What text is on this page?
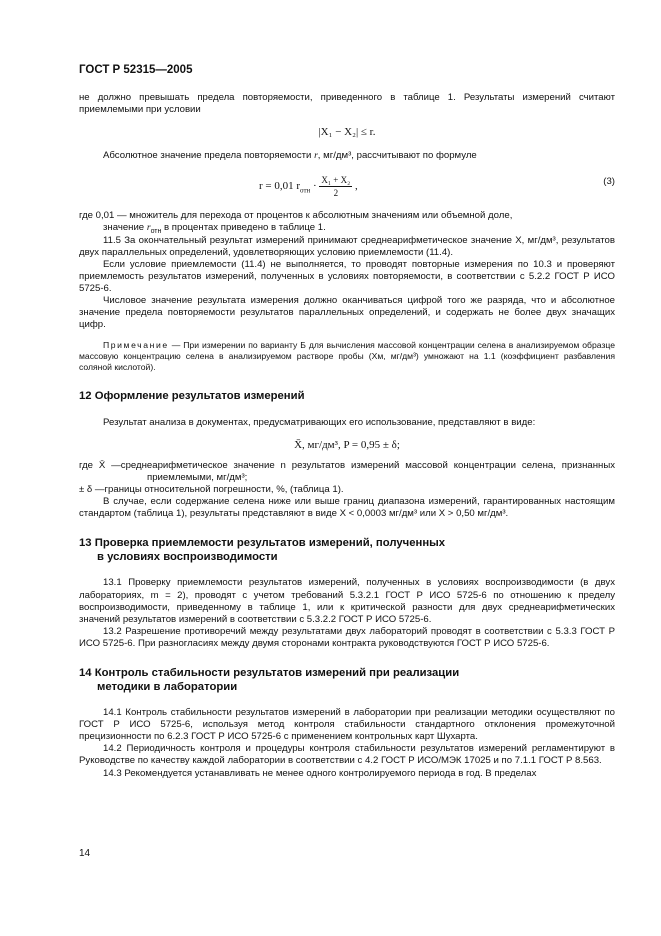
ГОСТ Р 52315—2005

не должно превышать предела повторяемости, приведенного в таблице 1. Результаты измерений считают приемлемыми при условии

|X₁ − X₂| ≤ r.

Абсолютное значение предела повторяемости r, мг/дм³, рассчитывают по формуле

r = 0,01 $r_{отн} \cdot \frac{\text{X₁ + X₂}}{2}$ ,	(3)

где 0,01 — множитель для перехода от процентов к абсолютным значениям или объемной доле,

значение $r_{отн}$ в процентах приведено в таблице 1.

11.5 За окончательный результат измерений принимают среднеарифметическое значение X, мг/дм³, результатов двух параллельных определений, удовлетворяющих условию приемлемости (11.4).

Если условие приемлемости (11.4) не выполняется, то проводят повторные измерения по 10.3 и проверяют приемлемость результатов измерений, полученных в условиях повторяемости, в соответствии с 5.2.2 ГОСТ Р ИСО 5725-6.

Числовое значение результата измерения должно оканчиваться цифрой того же разряда, что и абсолютное значение предела повторяемости результатов параллельных определений, и содержать не более двух значащих цифр.

Примечание — При измерении по варианту Б для вычисления массовой концентрации селена в анализируемом образце массовую концентрацию селена в анализируемом растворе пробы (Xм, мг/дм³) умножают на 1.1 (коэффициент разбавления соляной кислотой).

12 Оформление результатов измерений

Результат анализа в документах, предусматривающих его использование, представляют в виде:

X̄, мг/дм³, P = 0,95 ± δ;

где X̄ —среднеарифметическое значение n результатов измерений массовой концентрации селена, признанных приемлемыми, мг/дм³;

± δ —границы относительной погрешности, %, (таблица 1).

В случае, если содержание селена ниже или выше границ диапазона измерений, гарантированных настоящим стандартом (таблица 1), результаты представляют в виде X < 0,0003 мг/дм³ или X > 0,50 мг/дм³.

13 Проверка приемлемости результатов измерений, полученных
в условиях воспроизводимости

13.1 Проверку приемлемости результатов измерений, полученных в условиях воспроизводимости (в двух лабораториях, m = 2), проводят с учетом требований 5.3.2.1 ГОСТ Р ИСО 5725-6 по отношению к пределу воспроизводимости, приведенному в таблице 1, или к критической разности для двух среднеарифметических значений результатов измерений в соответствии с 5.3.2.2 ГОСТ Р ИСО 5725-6.

13.2 Разрешение противоречий между результатами двух лабораторий проводят в соответствии с 5.3.3 ГОСТ Р ИСО 5725-6. При разногласиях между двумя сторонами контракта руководствуются ГОСТ Р ИСО 5725-6.

14 Контроль стабильности результатов измерений при реализации
методики в лаборатории

14.1 Контроль стабильности результатов измерений в лаборатории при реализации методики осуществляют по ГОСТ Р ИСО 5725-6, используя метод контроля стабильности стандартного отклонения промежуточной прецизионности по 6.2.3 ГОСТ Р ИСО 5725-6 с применением контрольных карт Шухарта.

14.2 Периодичность контроля и процедуры контроля стабильности результатов измерений регламентируют в Руководстве по качеству каждой лаборатории в соответствии с 4.2 ГОСТ Р ИСО/МЭК 17025 и по 7.1.1 ГОСТ Р 8.563.

14.3 Рекомендуется устанавливать не менее одного контролируемого периода в год. В пределах

14
